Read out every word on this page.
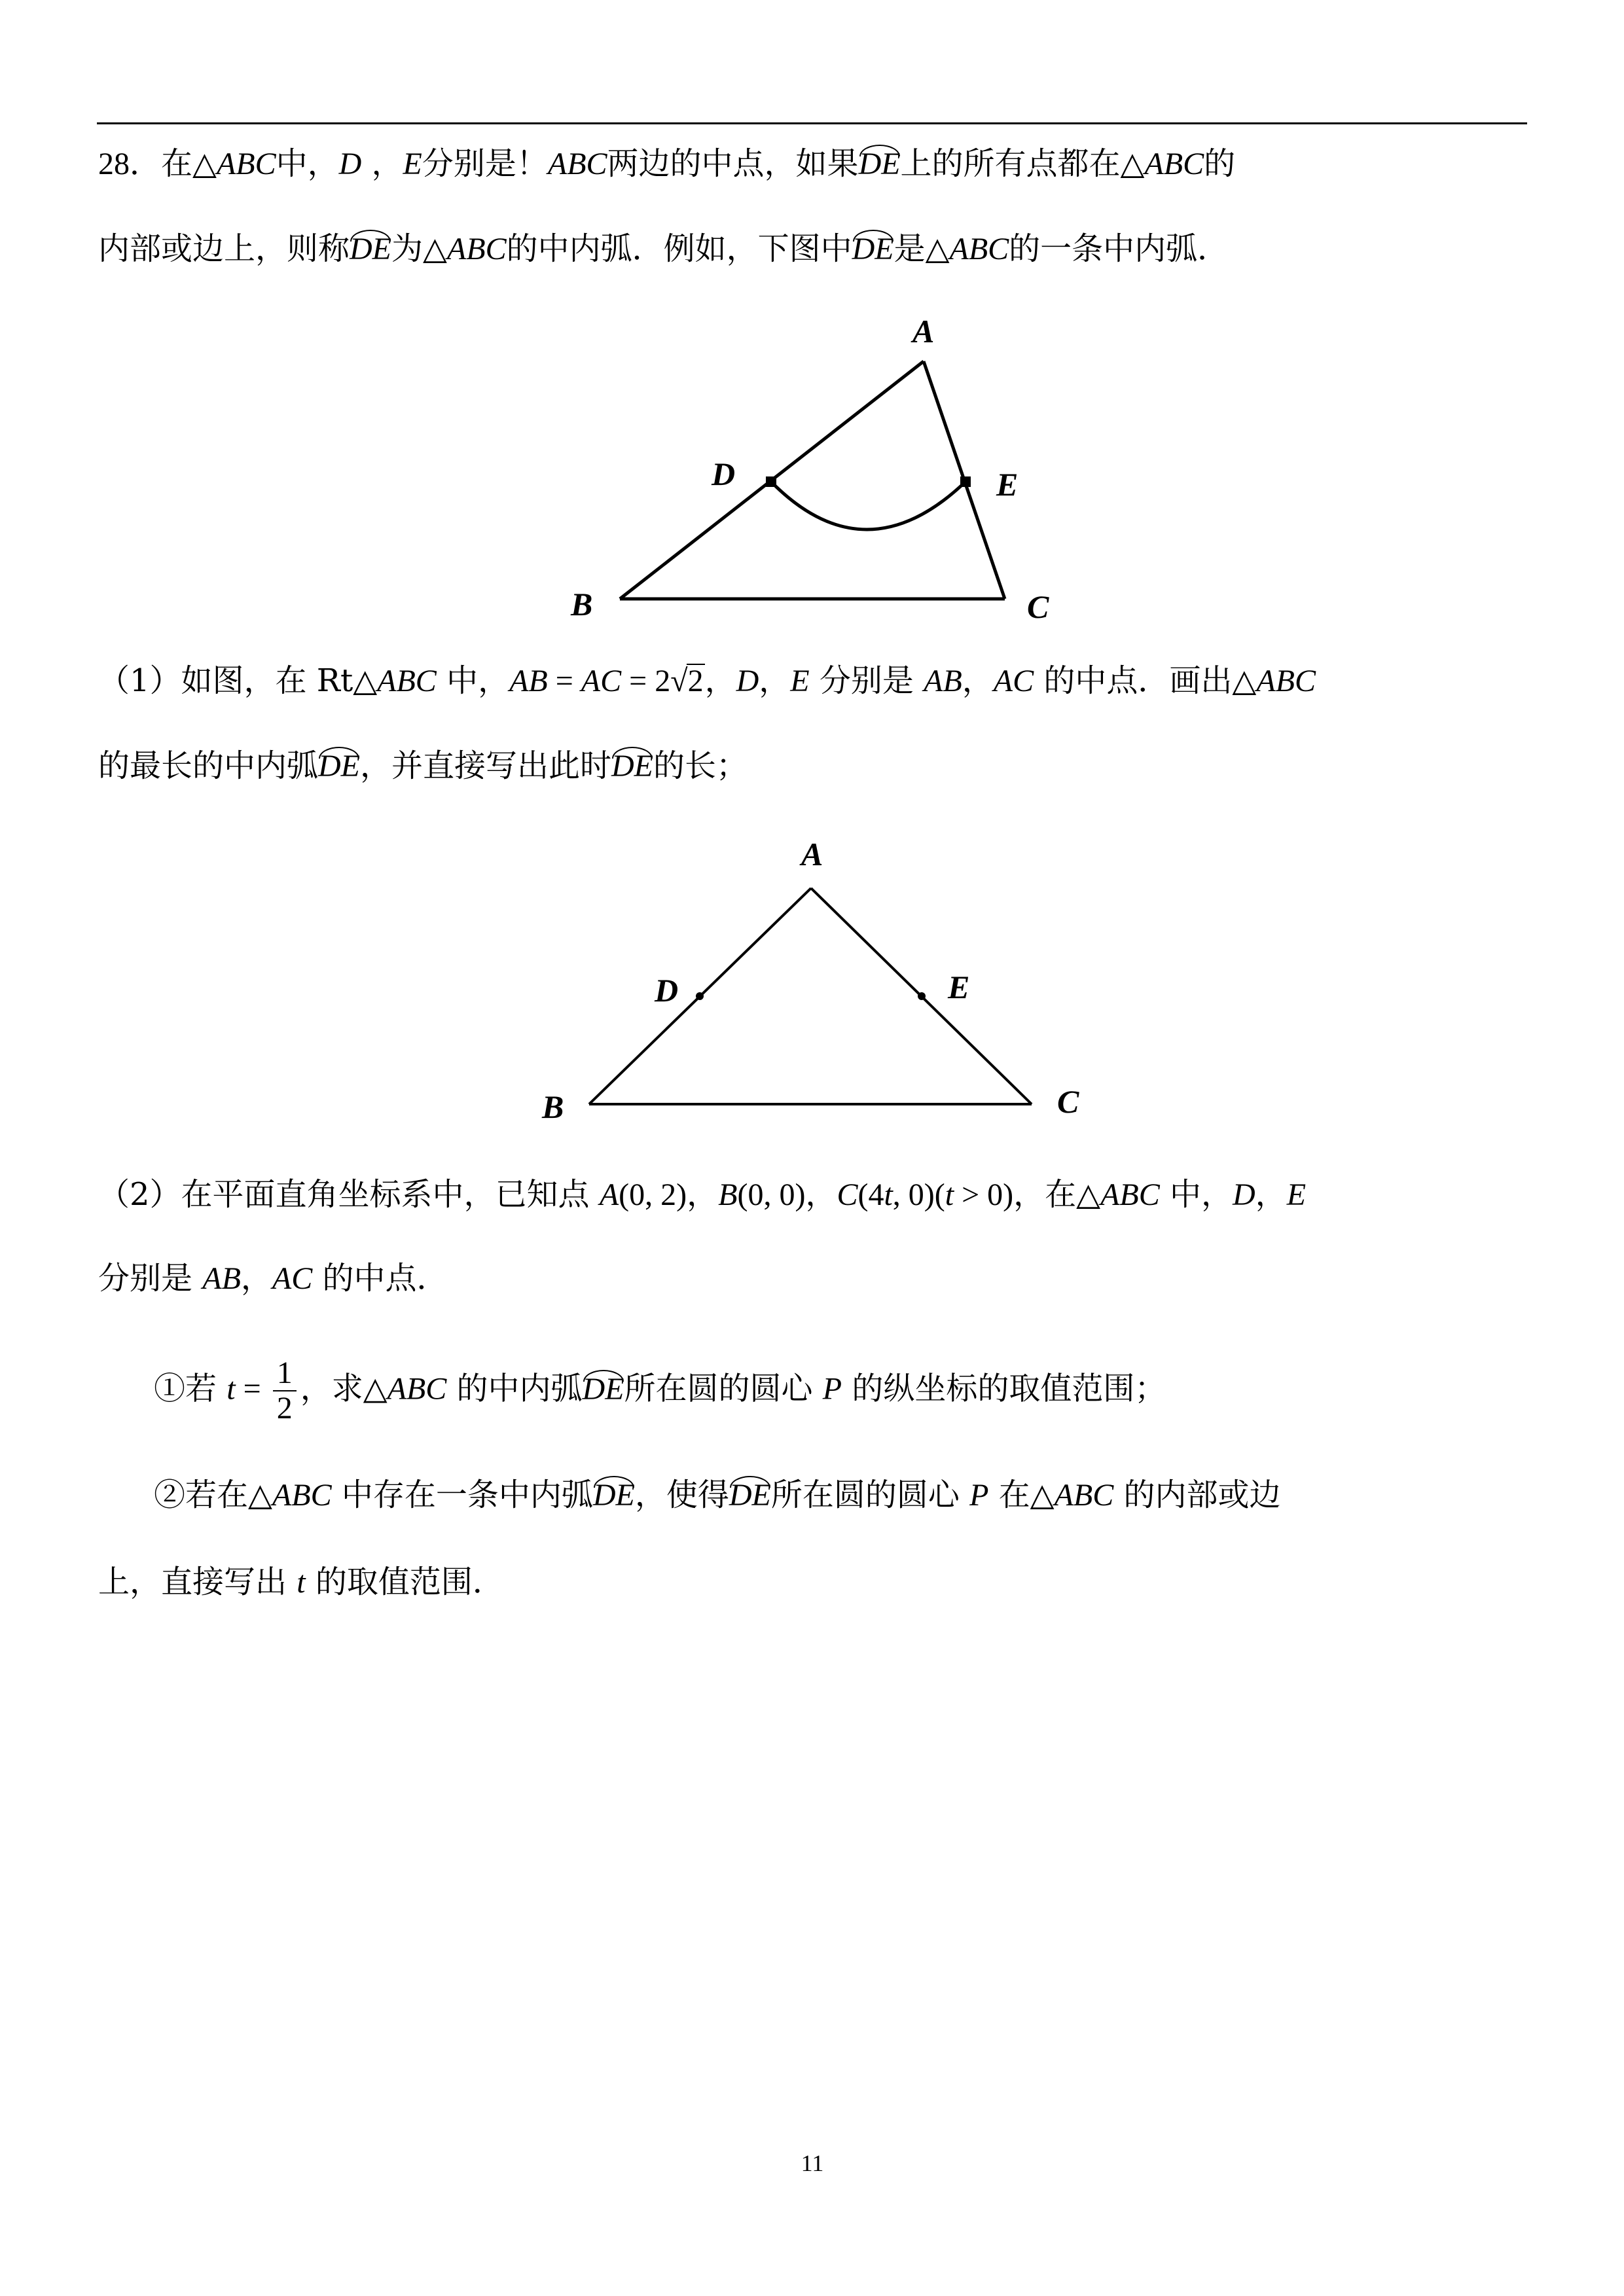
28．在△ABC中，D ，E分别是！ABC两边的中点，如果DE上的所有点都在△ABC的
内部或边上，则称DE为△ABC的中内弧．例如，下图中DE是△ABC的一条中内弧．
A
D	E
B	C
（1）如图，在 Rt△ABC 中，AB = AC = 2√2，D，E 分别是 AB，AC 的中点．画出△ABC
的最长的中内弧DE，并直接写出此时DE的长；
A
D	E
B	C
（2）在平面直角坐标系中，已知点 A(0, 2)，B(0, 0)，C(4t, 0)(t > 0)，在△ABC 中，D，E
分别是 AB，AC 的中点．
①若 $t = \frac{1}{2}$ ，求△ABC 的中内弧DE所在圆的圆心 P 的纵坐标的取值范围；
②若在△ABC 中存在一条中内弧DE，使得DE所在圆的圆心 P 在△ABC 的内部或边
上，直接写出 t 的取值范围．
11
